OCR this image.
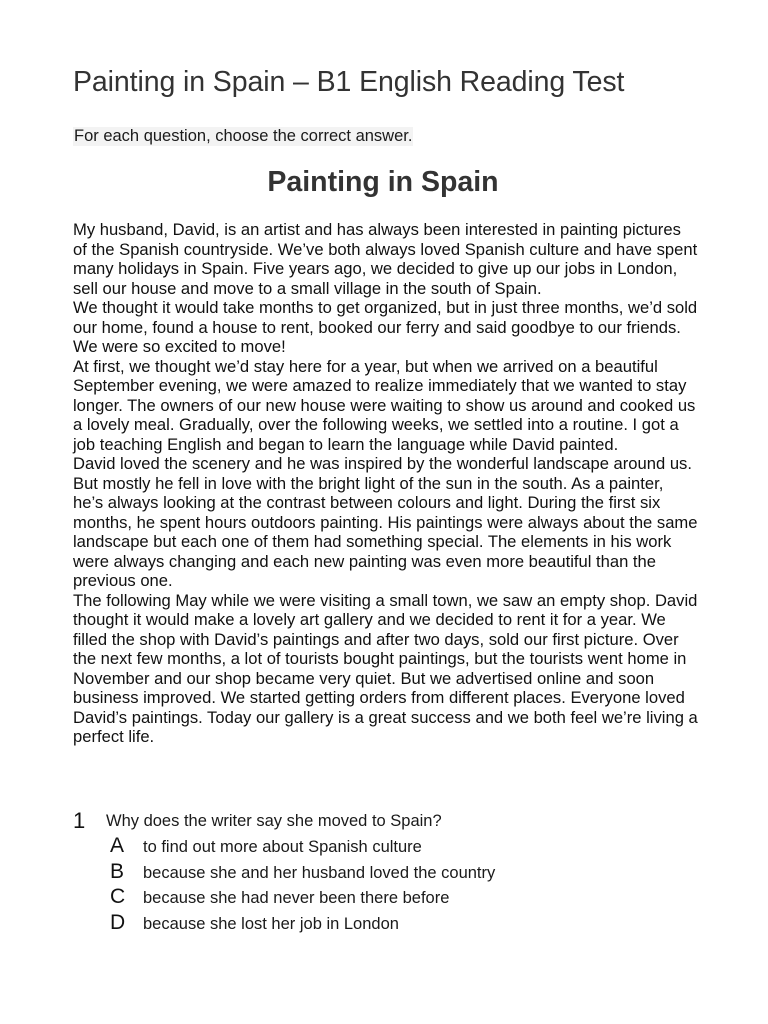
Painting in Spain – B1 English Reading Test

For each question, choose the correct answer.

Painting in Spain

My husband, David, is an artist and has always been interested in painting pictures of the Spanish countryside. We’ve both always loved Spanish culture and have spent many holidays in Spain. Five years ago, we decided to give up our jobs in London, sell our house and move to a small village in the south of Spain.

We thought it would take months to get organized, but in just three months, we’d sold our home, found a house to rent, booked our ferry and said goodbye to our friends. We were so excited to move!

At first, we thought we’d stay here for a year, but when we arrived on a beautiful September evening, we were amazed to realize immediately that we wanted to stay longer. The owners of our new house were waiting to show us around and cooked us a lovely meal. Gradually, over the following weeks, we settled into a routine. I got a job teaching English and began to learn the language while David painted.

David loved the scenery and he was inspired by the wonderful landscape around us. But mostly he fell in love with the bright light of the sun in the south. As a painter, he’s always looking at the contrast between colours and light. During the first six months, he spent hours outdoors painting. His paintings were always about the same landscape but each one of them had something special. The elements in his work were always changing and each new painting was even more beautiful than the previous one.

The following May while we were visiting a small town, we saw an empty shop. David thought it would make a lovely art gallery and we decided to rent it for a year. We filled the shop with David’s paintings and after two days, sold our first picture. Over the next few months, a lot of tourists bought paintings, but the tourists went home in November and our shop became very quiet. But we advertised online and soon business improved. We started getting orders from different places. Everyone loved David’s paintings. Today our gallery is a great success and we both feel we’re living a perfect life.

1 Why does the writer say she moved to Spain?
A to find out more about Spanish culture
B because she and her husband loved the country
C because she had never been there before
D because she lost her job in London
